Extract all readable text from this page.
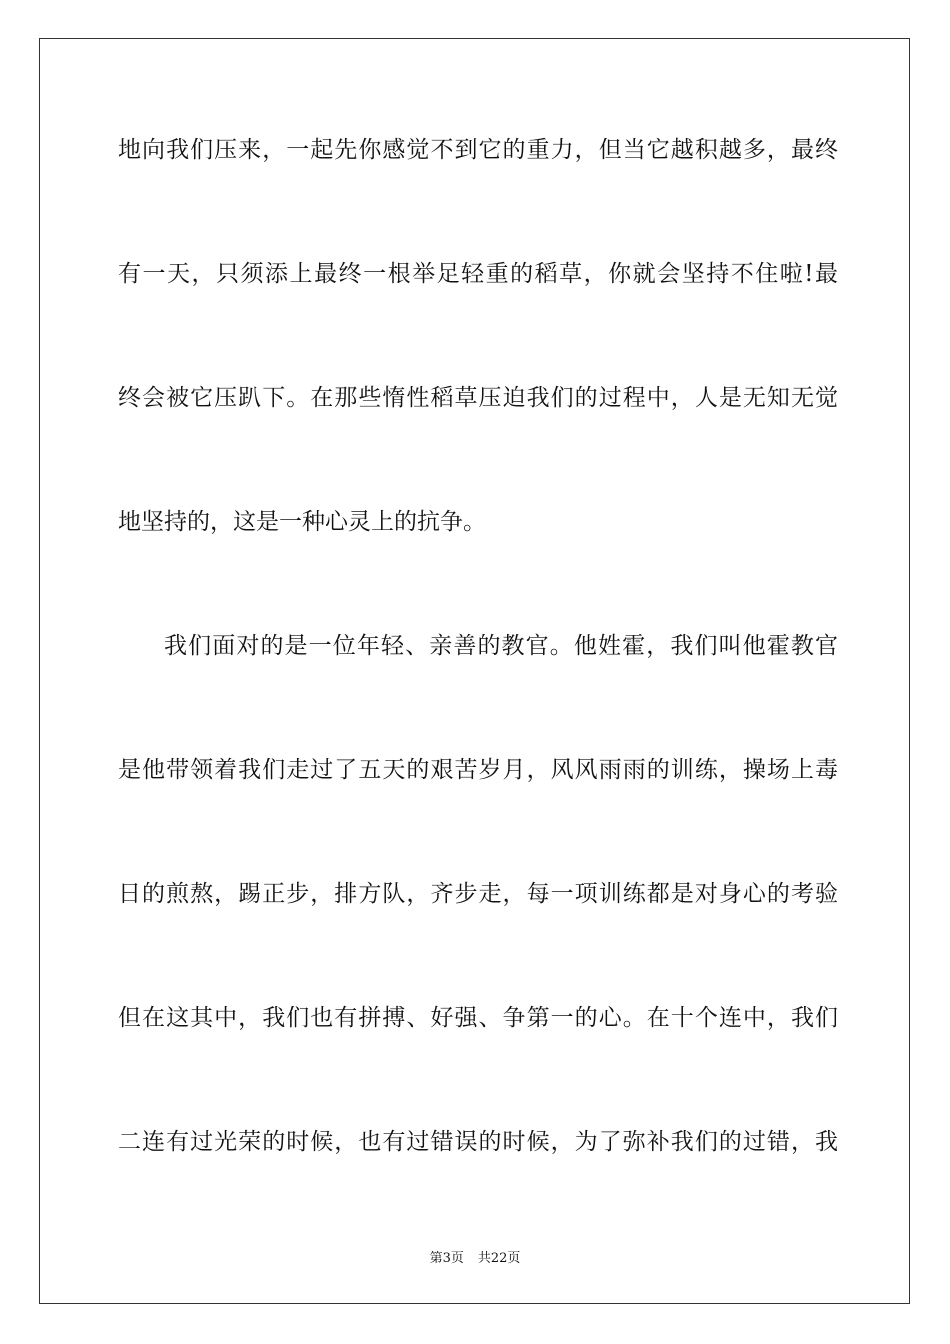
地向我们压来，一起先你感觉不到它的重力，但当它越积越多，最终
有一天，只须添上最终一根举足轻重的稻草，你就会坚持不住啦!最
终会被它压趴下。在那些惰性稻草压迫我们的过程中，人是无知无觉
地坚持的，这是一种心灵上的抗争。
我们面对的是一位年轻、亲善的教官。他姓霍，我们叫他霍教官
是他带领着我们走过了五天的艰苦岁月，风风雨雨的训练，操场上毒
日的煎熬，踢正步，排方队，齐步走，每一项训练都是对身心的考验
但在这其中，我们也有拼搏、好强、争第一的心。在十个连中，我们
二连有过光荣的时候，也有过错误的时候，为了弥补我们的过错，我
第3页 共22页
